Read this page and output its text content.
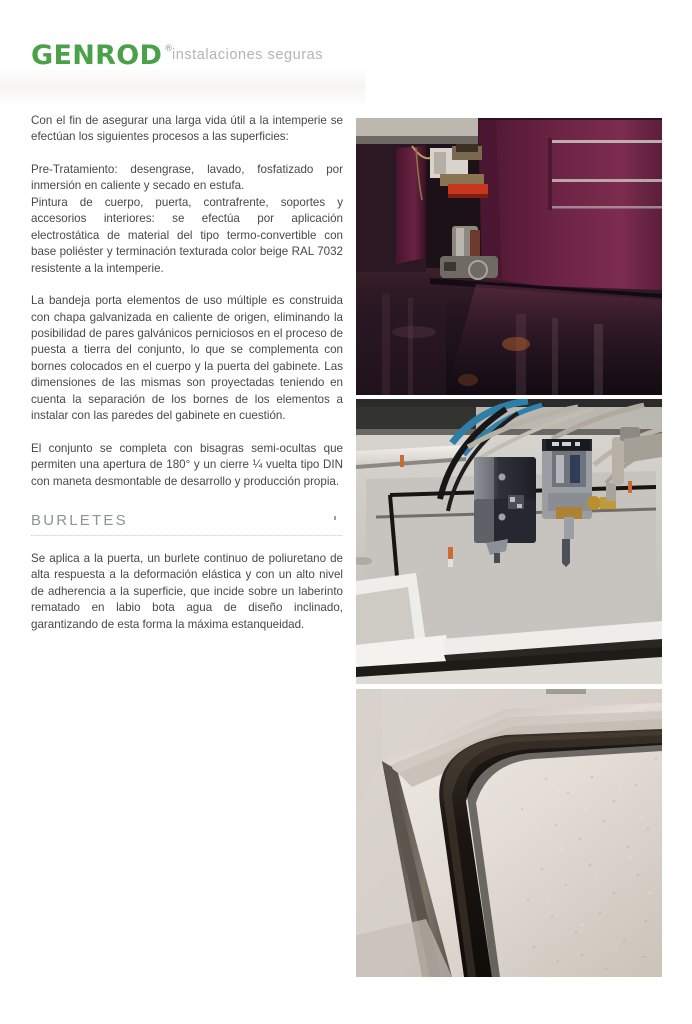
GENROD ®
instalaciones seguras

Con el fin de asegurar una larga vida útil a la intemperie se efectúan los siguientes procesos a las superficies:

Pre-Tratamiento: desengrase, lavado, fosfatizado por inmersión en caliente y secado en estufa.

Pintura de cuerpo, puerta, contrafrente, soportes y accesorios interiores: se efectúa por aplicación electrostática de material del tipo termo-convertible con base poliéster y terminación texturada color beige RAL 7032 resistente a la intemperie.

La bandeja porta elementos de uso múltiple es construida con chapa galvanizada en caliente de origen, eliminando la posibilidad de pares galvánicos perniciosos en el proceso de puesta a tierra del conjunto, lo que se complementa con bornes colocados en el cuerpo y la puerta del gabinete. Las dimensiones de las mismas son proyectadas teniendo en cuenta la separación de los bornes de los elementos a instalar con las paredes del gabinete en cuestión.

El conjunto se completa con bisagras semi-ocultas que permiten una apertura de 180° y un cierre ¼ vuelta tipo DIN con maneta desmontable de desarrollo y producción propia.

BURLETES

Se aplica a la puerta, un burlete continuo de poliuretano de alta respuesta a la deformación elástica y con un alto nivel de adherencia a la superficie, que incide sobre un laberinto rematado en labio bota agua de diseño inclinado, garantizando de esta forma la máxima estanqueidad.
